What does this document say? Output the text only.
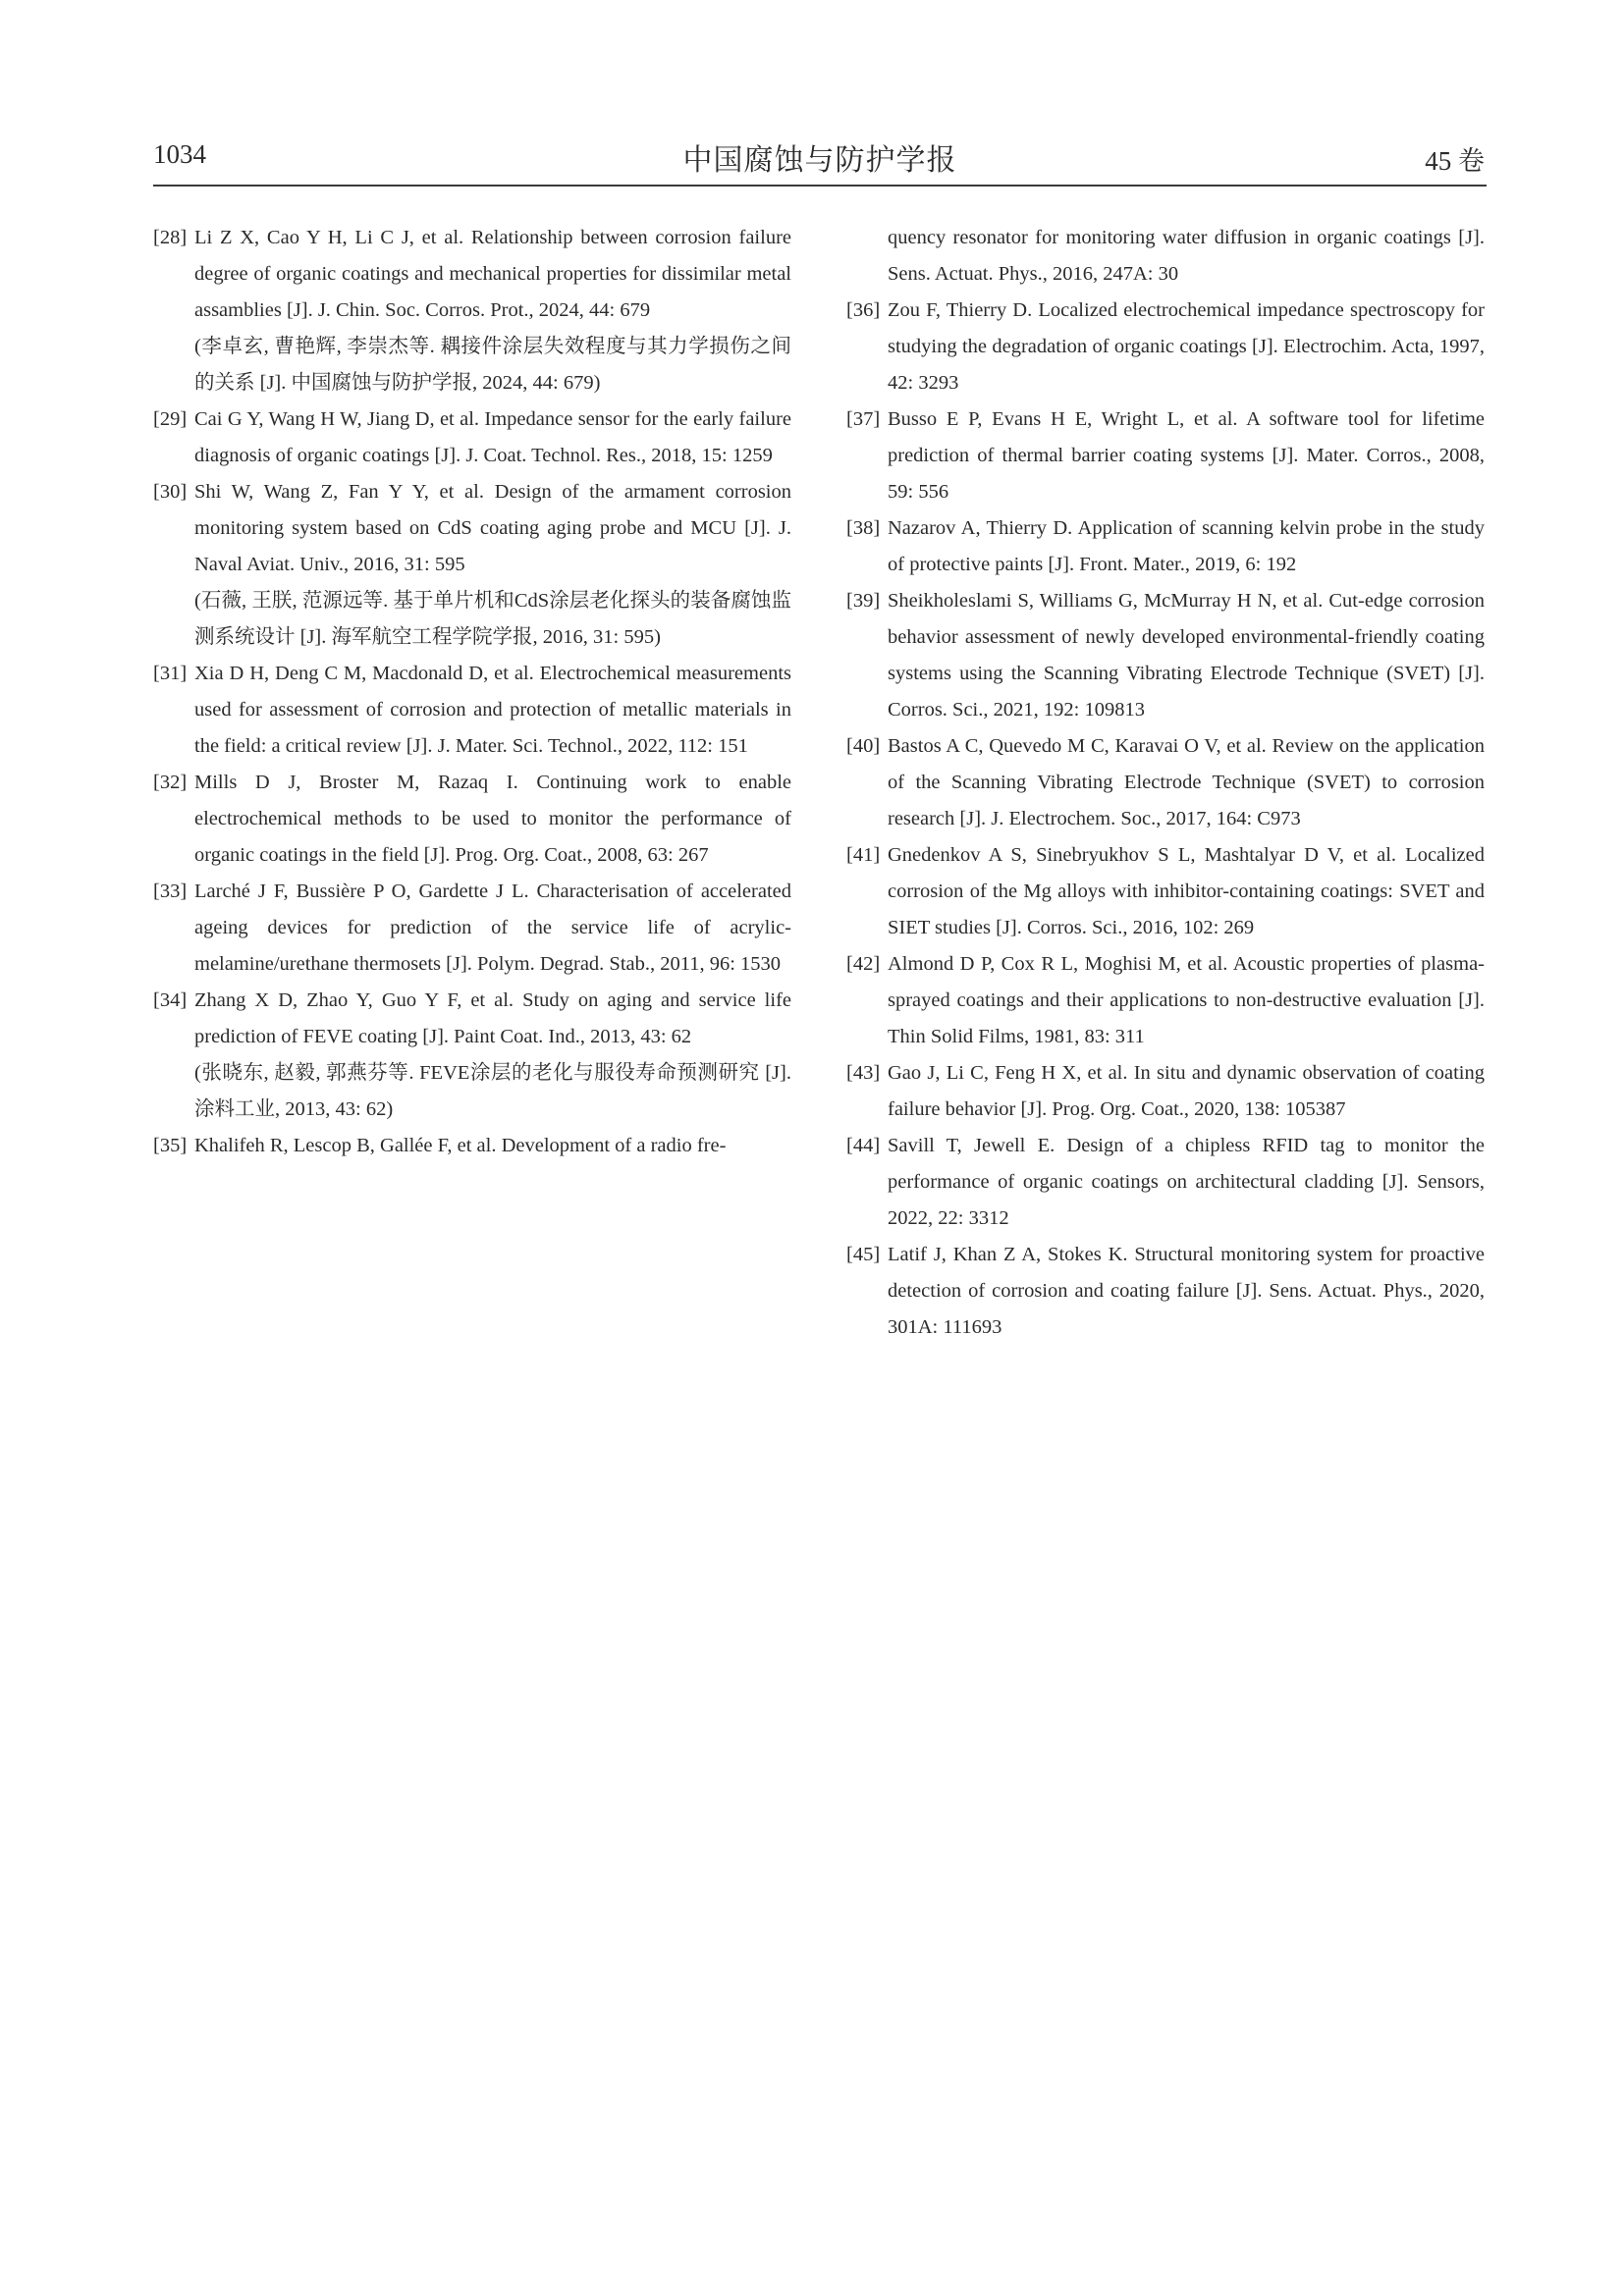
1034	中国腐蚀与防护学报	45 卷

[28] Li Z X, Cao Y H, Li C J, et al. Relationship between corrosion failure degree of organic coatings and mechanical properties for dissimilar metal assamblies [J]. J. Chin. Soc. Corros. Prot., 2024, 44: 679
(李卓玄, 曹艳辉, 李崇杰等. 耦接件涂层失效程度与其力学损伤之间的关系 [J]. 中国腐蚀与防护学报, 2024, 44: 679)

[29] Cai G Y, Wang H W, Jiang D, et al. Impedance sensor for the early failure diagnosis of organic coatings [J]. J. Coat. Technol. Res., 2018, 15: 1259

[30] Shi W, Wang Z, Fan Y Y, et al. Design of the armament corrosion monitoring system based on CdS coating aging probe and MCU [J]. J. Naval Aviat. Univ., 2016, 31: 595
(石薇, 王朕, 范源远等. 基于单片机和CdS涂层老化探头的装备腐蚀监测系统设计 [J]. 海军航空工程学院学报, 2016, 31: 595)

[31] Xia D H, Deng C M, Macdonald D, et al. Electrochemical measurements used for assessment of corrosion and protection of metallic materials in the field: a critical review [J]. J. Mater. Sci. Technol., 2022, 112: 151

[32] Mills D J, Broster M, Razaq I. Continuing work to enable electrochemical methods to be used to monitor the performance of organic coatings in the field [J]. Prog. Org. Coat., 2008, 63: 267

[33] Larché J F, Bussière P O, Gardette J L. Characterisation of accelerated ageing devices for prediction of the service life of acrylic-melamine/urethane thermosets [J]. Polym. Degrad. Stab., 2011, 96: 1530

[34] Zhang X D, Zhao Y, Guo Y F, et al. Study on aging and service life prediction of FEVE coating [J]. Paint Coat. Ind., 2013, 43: 62
(张晓东, 赵毅, 郭燕芬等. FEVE涂层的老化与服役寿命预测研究 [J]. 涂料工业, 2013, 43: 62)

[35] Khalifeh R, Lescop B, Gallée F, et al. Development of a radio fre-

quency resonator for monitoring water diffusion in organic coatings [J]. Sens. Actuat. Phys., 2016, 247A: 30

[36] Zou F, Thierry D. Localized electrochemical impedance spectroscopy for studying the degradation of organic coatings [J]. Electrochim. Acta, 1997, 42: 3293

[37] Busso E P, Evans H E, Wright L, et al. A software tool for lifetime prediction of thermal barrier coating systems [J]. Mater. Corros., 2008, 59: 556

[38] Nazarov A, Thierry D. Application of scanning kelvin probe in the study of protective paints [J]. Front. Mater., 2019, 6: 192

[39] Sheikholeslami S, Williams G, McMurray H N, et al. Cut-edge corrosion behavior assessment of newly developed environmental-friendly coating systems using the Scanning Vibrating Electrode Technique (SVET) [J]. Corros. Sci., 2021, 192: 109813

[40] Bastos A C, Quevedo M C, Karavai O V, et al. Review on the application of the Scanning Vibrating Electrode Technique (SVET) to corrosion research [J]. J. Electrochem. Soc., 2017, 164: C973

[41] Gnedenkov A S, Sinebryukhov S L, Mashtalyar D V, et al. Localized corrosion of the Mg alloys with inhibitor-containing coatings: SVET and SIET studies [J]. Corros. Sci., 2016, 102: 269

[42] Almond D P, Cox R L, Moghisi M, et al. Acoustic properties of plasma-sprayed coatings and their applications to non-destructive evaluation [J]. Thin Solid Films, 1981, 83: 311

[43] Gao J, Li C, Feng H X, et al. In situ and dynamic observation of coating failure behavior [J]. Prog. Org. Coat., 2020, 138: 105387

[44] Savill T, Jewell E. Design of a chipless RFID tag to monitor the performance of organic coatings on architectural cladding [J]. Sensors, 2022, 22: 3312

[45] Latif J, Khan Z A, Stokes K. Structural monitoring system for proactive detection of corrosion and coating failure [J]. Sens. Actuat. Phys., 2020, 301A: 111693
